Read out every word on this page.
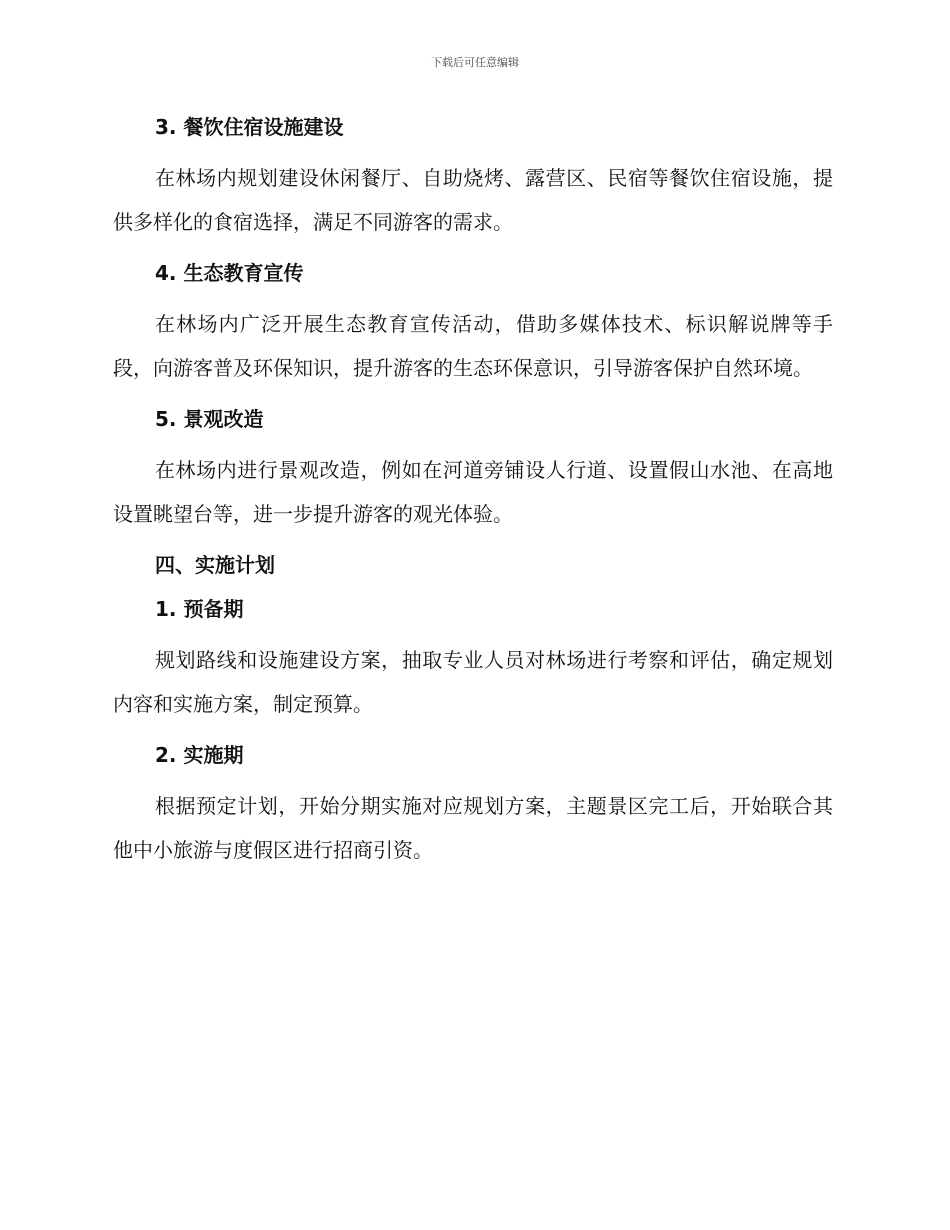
下载后可任意编辑
3. 餐饮住宿设施建设
在林场内规划建设休闲餐厅、自助烧烤、露营区、民宿等餐饮住宿设施，提供多样化的食宿选择，满足不同游客的需求。
4. 生态教育宣传
在林场内广泛开展生态教育宣传活动，借助多媒体技术、标识解说牌等手段，向游客普及环保知识，提升游客的生态环保意识，引导游客保护自然环境。
5. 景观改造
在林场内进行景观改造，例如在河道旁铺设人行道、设置假山水池、在高地设置眺望台等，进一步提升游客的观光体验。
四、实施计划
1. 预备期
规划路线和设施建设方案，抽取专业人员对林场进行考察和评估，确定规划内容和实施方案，制定预算。
2. 实施期
根据预定计划，开始分期实施对应规划方案，主题景区完工后，开始联合其他中小旅游与度假区进行招商引资。
